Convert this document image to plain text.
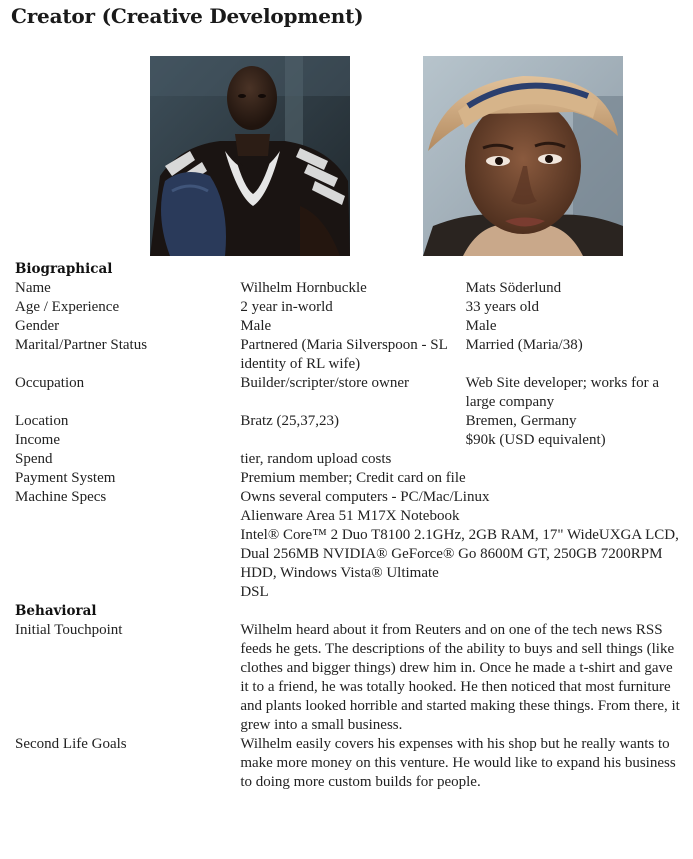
Creator (Creative Development)
Biographical		
Name	Wilhelm Hornbuckle	Mats Söderlund
Age / Experience	2 year in-world	33 years old
Gender	Male	Male
Marital/Partner Status	Partnered (Maria Silverspoon - SL identity of RL wife)	Married (Maria/38)
Occupation	Builder/scripter/store owner	Web Site developer; works for a large company
Location	Bratz (25,37,23)	Bremen, Germany
Income		$90k (USD equivalent)
Spend	tier, random upload costs	
Payment System	Premium member; Credit card on file	
Machine Specs	Owns several computers - PC/Mac/Linux
Alienware Area 51 M17X Notebook
Intel® Core™ 2 Duo T8100 2.1GHz, 2GB RAM, 17" WideUXGA LCD, Dual 256MB NVIDIA® GeForce® Go 8600M GT, 250GB 7200RPM HDD, Windows Vista® Ultimate
DSL	
Behavioral		
Initial Touchpoint	Wilhelm heard about it from Reuters and on one of the tech news RSS feeds he gets. The descriptions of the ability to buys and sell things (like clothes and bigger things) drew him in. Once he made a t-shirt and gave it to a friend, he was totally hooked. He then noticed that most furniture and plants looked horrible and started making these things. From there, it grew into a small business.	
Second Life Goals	Wilhelm easily covers his expenses with his shop but he really wants to make more money on this venture. He would like to expand his business to doing more custom builds for people.	
